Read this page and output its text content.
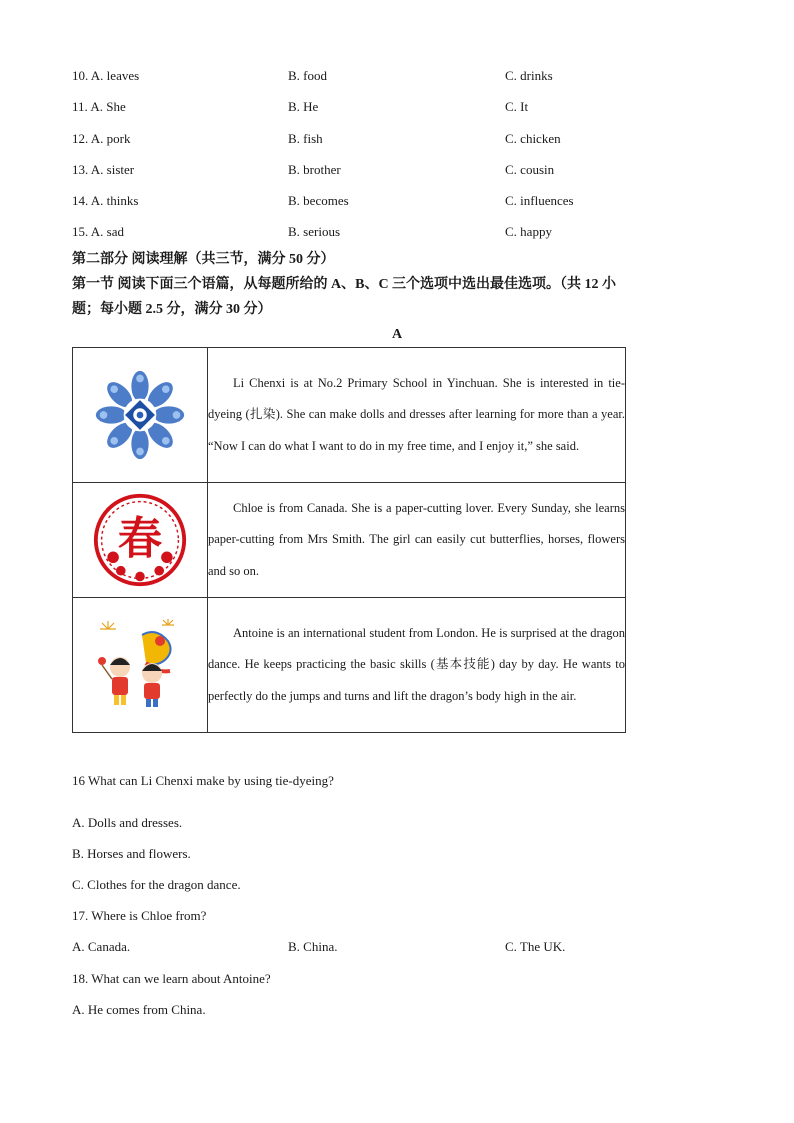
10. A. leaves	B. food	C. drinks
11. A. She	B. He	C. It
12. A. pork	B. fish	C. chicken
13. A. sister	B. brother	C. cousin
14. A. thinks	B. becomes	C. influences
15. A. sad	B. serious	C. happy
第二部分 阅读理解（共三节，满分 50 分）
第一节 阅读下面三个语篇，从每题所给的 A、B、C 三个选项中选出最佳选项。（共 12 小
题；每小题 2.5 分，满分 30 分）
A

Li Chenxi is at No.2 Primary School in Yinchuan. She is interested in tie-dyeing (扎染). She can make dolls and dresses after learning for more than a year. “Now I can do what I want to do in my free time, and I enjoy it,” she said.

春	Chloe is from Canada. She is a paper-cutting lover. Every Sunday, she learns paper-cutting from Mrs Smith. The girl can easily cut butterflies, horses, flowers and so on.

Antoine is an international student from London. He is surprised at the dragon dance. He keeps practicing the basic skills (基本技能) day by day. He wants to perfectly do the jumps and turns and lift the dragon’s body high in the air.

16 What can Li Chenxi make by using tie-dyeing?
A. Dolls and dresses.
B. Horses and flowers.
C. Clothes for the dragon dance.
17. Where is Chloe from?
A. Canada.	B. China.	C. The UK.
18. What can we learn about Antoine?
A. He comes from China.
